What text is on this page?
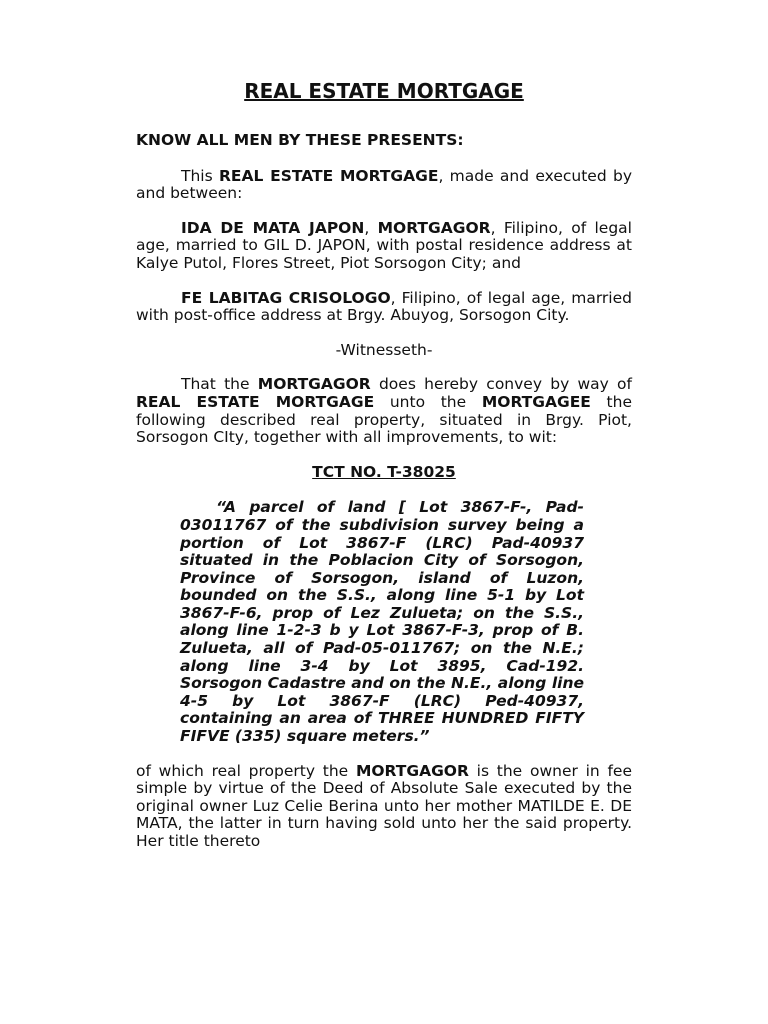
REAL ESTATE MORTGAGE
KNOW ALL MEN BY THESE PRESENTS:

This REAL ESTATE MORTGAGE, made and executed by and between:

IDA DE MATA JAPON, MORTGAGOR, Filipino, of legal age, married to GIL D. JAPON, with postal residence address at Kalye Putol, Flores Street, Piot Sorsogon City; and

FE LABITAG CRISOLOGO, Filipino, of legal age, married with post-office address at Brgy. Abuyog, Sorsogon City.

-Witnesseth-

That the MORTGAGOR does hereby convey by way of REAL ESTATE MORTGAGE unto the MORTGAGEE the following described real property, situated in Brgy. Piot, Sorsogon CIty, together with all improvements, to wit:

TCT NO. T-38025

“A parcel of land [ Lot 3867-F-, Pad-03011767 of the subdivision survey being a portion of Lot 3867-F (LRC) Pad-40937 situated in the Poblacion City of Sorsogon, Province of Sorsogon, island of Luzon, bounded on the S.S., along line 5-1 by Lot 3867-F-6, prop of Lez Zulueta; on the S.S., along line 1-2-3 b y Lot 3867-F-3, prop of B. Zulueta, all of Pad-05-011767; on the N.E.; along line 3-4 by Lot 3895, Cad-192. Sorsogon Cadastre and on the N.E., along line 4-5 by Lot 3867-F (LRC) Ped-40937, containing an area of THREE HUNDRED FIFTY FIFVE (335) square meters.”

of which real property the MORTGAGOR is the owner in fee simple by virtue of the Deed of Absolute Sale executed by the original owner Luz Celie Berina unto her mother MATILDE E. DE MATA, the latter in turn having sold unto her the said property. Her title thereto
